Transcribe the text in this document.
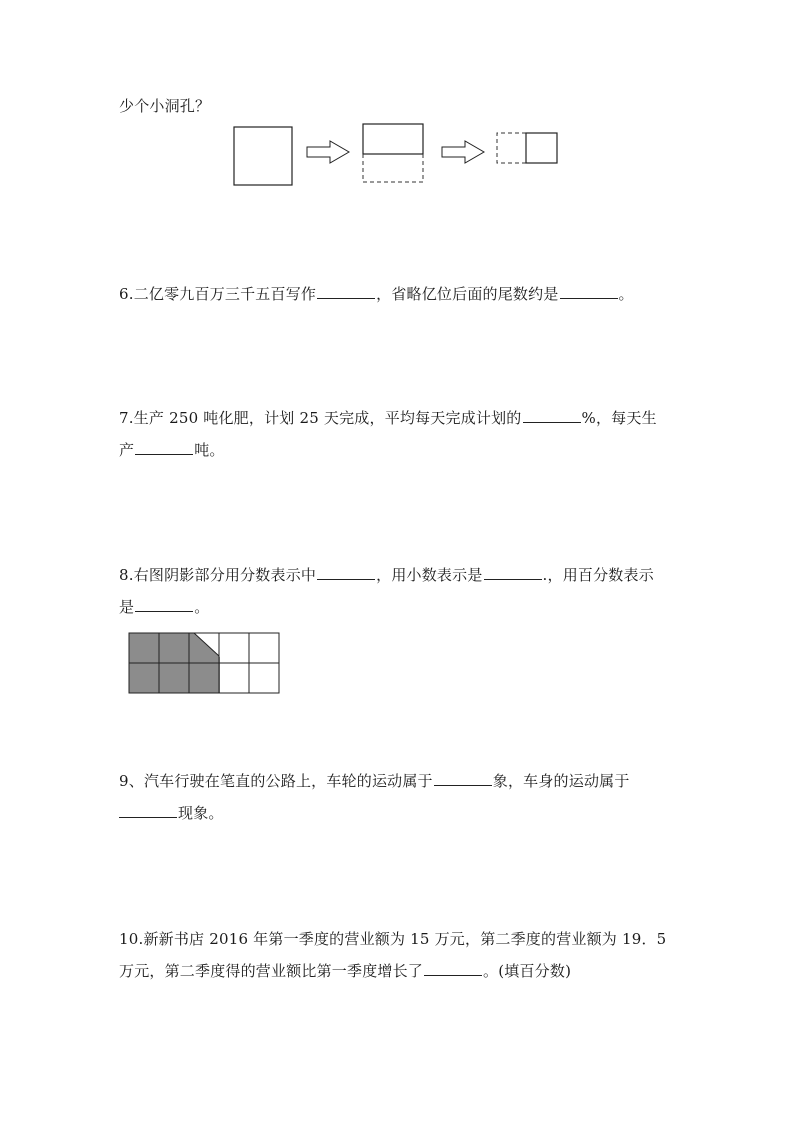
少个小洞孔？
6.二亿零九百万三千五百写作	，省略亿位后面的尾数约是	。
7.生产 250 吨化肥，计划 25 天完成，平均每天完成计划的	%，每天生
产	吨。
8.右图阴影部分用分数表示中	，用小数表示是	.，用百分数表示
是	。
9、汽车行驶在笔直的公路上，车轮的运动属于	象，车身的运动属于
现象。
10.新新书店 2016 年第一季度的营业额为 15 万元，第二季度的营业额为 19．5
万元，第二季度得的营业额比第一季度增长了	。(填百分数)
